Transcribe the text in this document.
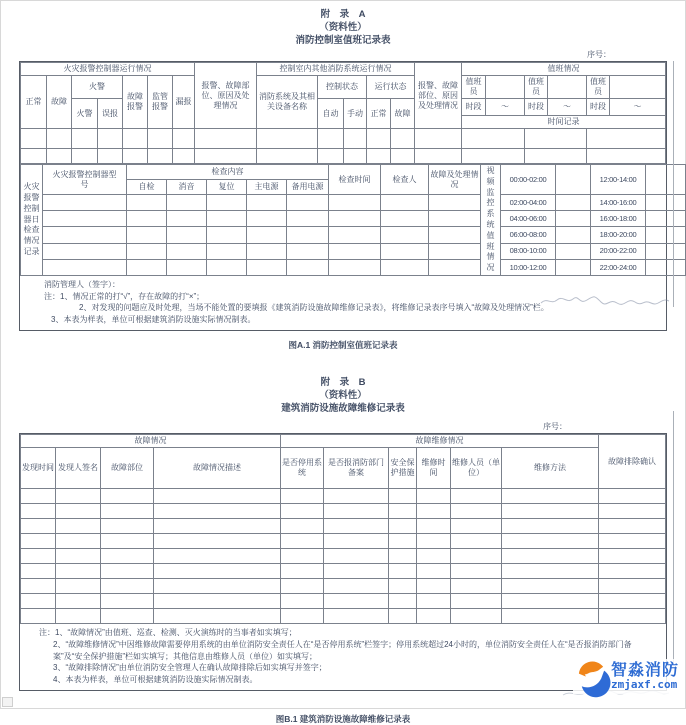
附　录　A
（资料性）
消防控制室值班记录表
序号：
火灾报警控制器运行情况							报警、故障部位、原因及处理情况	控制室内其他消防系统运行情况					报警、故障部位、原因及处理情况	值班情况					
正常	故障	火警		故障报警	监管报警	漏报		消防系统及其相关设备名称	控制状态		运行状态			值班员		值班员		值班员	
		火警	误报						自动	手动	正常	故障		时段	～	时段	～	时段	～
														时间记录					

火灾报警控制器日检查情况记录	火灾报警控制器型号	检查内容					检查时间	检查人	故障及处理情况	视频监控系统值班情况	00:00-02:00		12:00-14:00	
		自检	消音	复位	主电源	备用电源								
											02:00-04:00		14:00-16:00	
											04:00-06:00		16:00-18:00	
											06:00-08:00		18:00-20:00	
											08:00-10:00		20:00-22:00	
											10:00-12:00		22:00-24:00	
消防管理人（签字）：
注：1、情况正常的打“√”，存在故障的打“×”；
2、对发现的问题应及时处理，当场不能处置的要填报《建筑消防设施故障维修记录表》，将维修记录表序号填入“故障及处理情况”栏。
3、本表为样表，单位可根据建筑消防设施实际情况制表。
图A.1 消防控制室值班记录表
附　录　B
（资料性）
建筑消防设施故障维修记录表
序号：
故障情况				故障维修情况						故障排除确认
发现时间	发现人签名	故障部位	故障情况描述	是否停用系统	是否报消防部门备案	安全保护措施	维修时间	维修人员（单位）	维修方法	

注：1、“故障情况”由值班、巡查、检测、灭火演练时的当事者如实填写；
2、“故障维修情况”中因维修故障需要停用系统的由单位消防安全责任人在“是否停用系统”栏签字；停用系统超过24小时的，单位消防安全责任人在“是否报消防部门备案”及“安全保护措施”栏如实填写；其他信息由维修人员（单位）如实填写；
3、“故障排除情况”由单位消防安全管理人在确认故障排除后如实填写并签字；
4、本表为样表，单位可根据建筑消防设施实际情况制表。
图B.1 建筑消防设施故障维修记录表
智淼消防
zmjaxf.com
